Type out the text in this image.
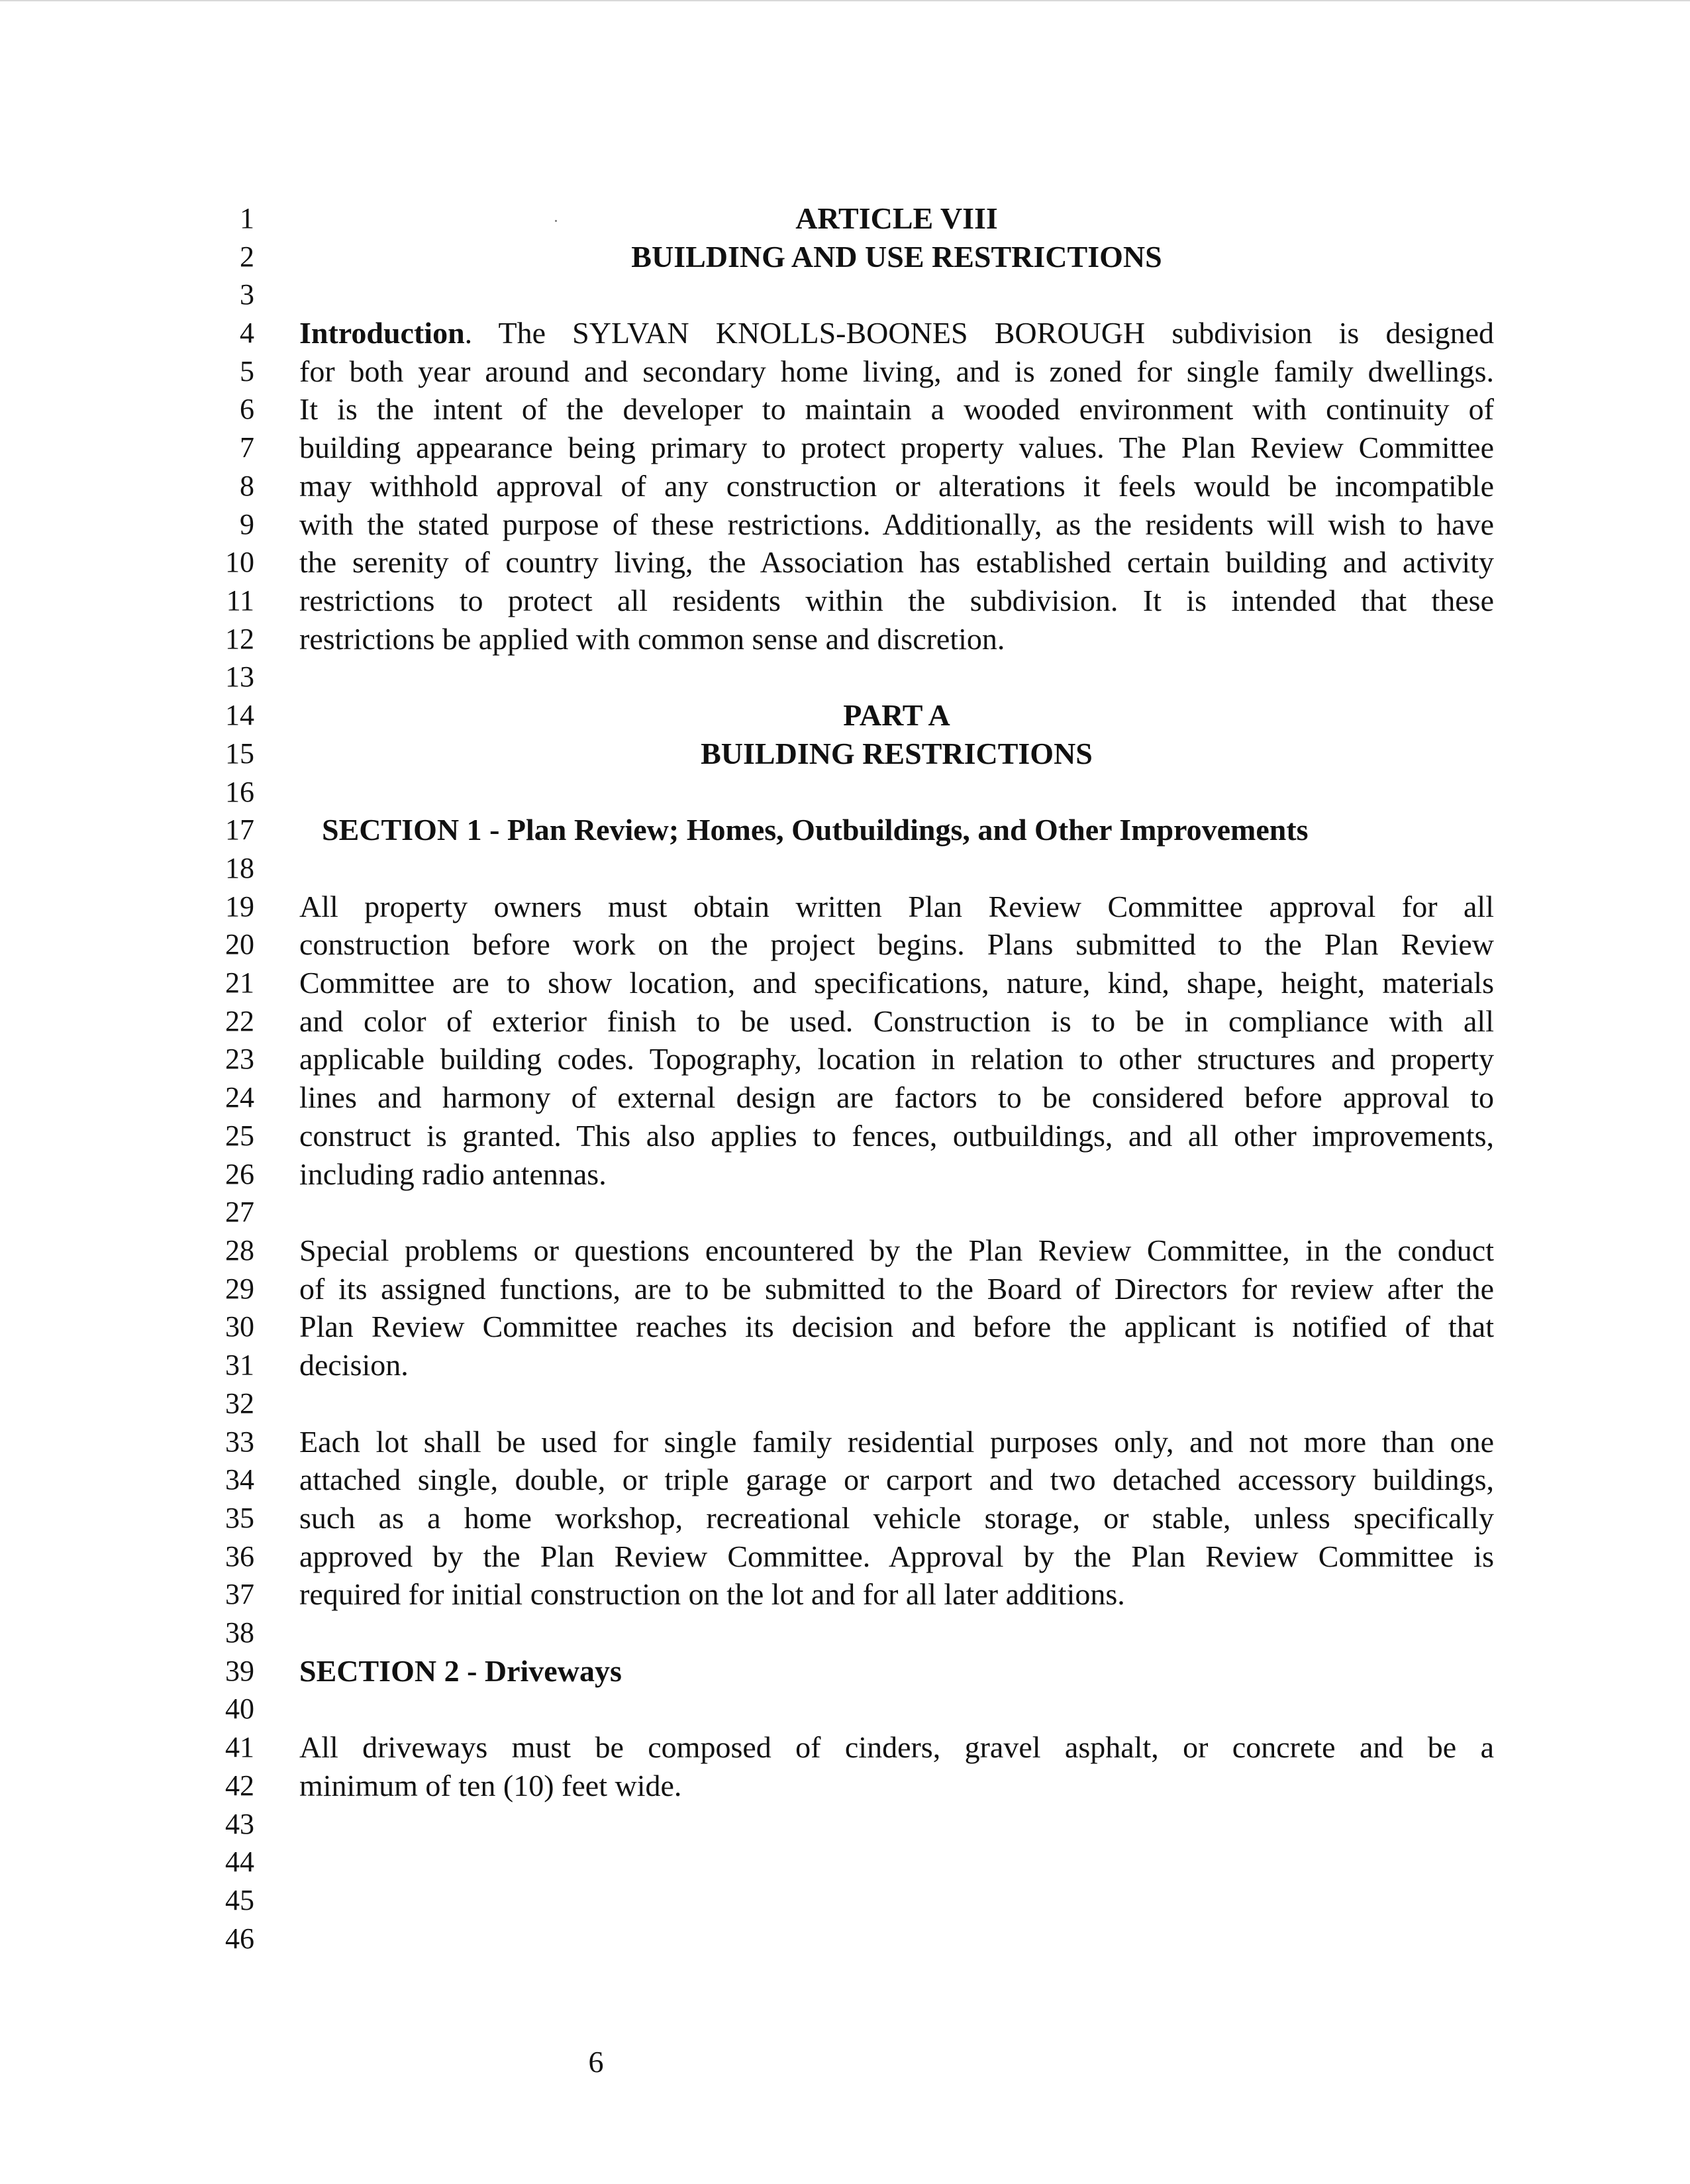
1
2
3
4
5
6
7
8
9
10
11
12
13
14
15
16
17
18
19
20
21
22
23
24
25
26
27
28
29
30
31
32
33
34
35
36
37
38
39
40
41
42
43
44
45
46
ARTICLE VIII
BUILDING AND USE RESTRICTIONS
Introduction. The SYLVAN KNOLLS-BOONES BOROUGH subdivision is designed
for both year around and secondary home living, and is zoned for single family dwellings.
It is the intent of the developer to maintain a wooded environment with continuity of
building appearance being primary to protect property values. The Plan Review Committee
may withhold approval of any construction or alterations it feels would be incompatible
with the stated purpose of these restrictions. Additionally, as the residents will wish to have
the serenity of country living, the Association has established certain building and activity
restrictions to protect all residents within the subdivision. It is intended that these
restrictions be applied with common sense and discretion.
PART A
BUILDING RESTRICTIONS
SECTION 1 - Plan Review; Homes, Outbuildings, and Other Improvements
All property owners must obtain written Plan Review Committee approval for all
construction before work on the project begins. Plans submitted to the Plan Review
Committee are to show location, and specifications, nature, kind, shape, height, materials
and color of exterior finish to be used. Construction is to be in compliance with all
applicable building codes. Topography, location in relation to other structures and property
lines and harmony of external design are factors to be considered before approval to
construct is granted. This also applies to fences, outbuildings, and all other improvements,
including radio antennas.
Special problems or questions encountered by the Plan Review Committee, in the conduct
of its assigned functions, are to be submitted to the Board of Directors for review after the
Plan Review Committee reaches its decision and before the applicant is notified of that
decision.
Each lot shall be used for single family residential purposes only, and not more than one
attached single, double, or triple garage or carport and two detached accessory buildings,
such as a home workshop, recreational vehicle storage, or stable, unless specifically
approved by the Plan Review Committee. Approval by the Plan Review Committee is
required for initial construction on the lot and for all later additions.
SECTION 2 - Driveways
All driveways must be composed of cinders, gravel asphalt, or concrete and be a
minimum of ten (10) feet wide.
6
